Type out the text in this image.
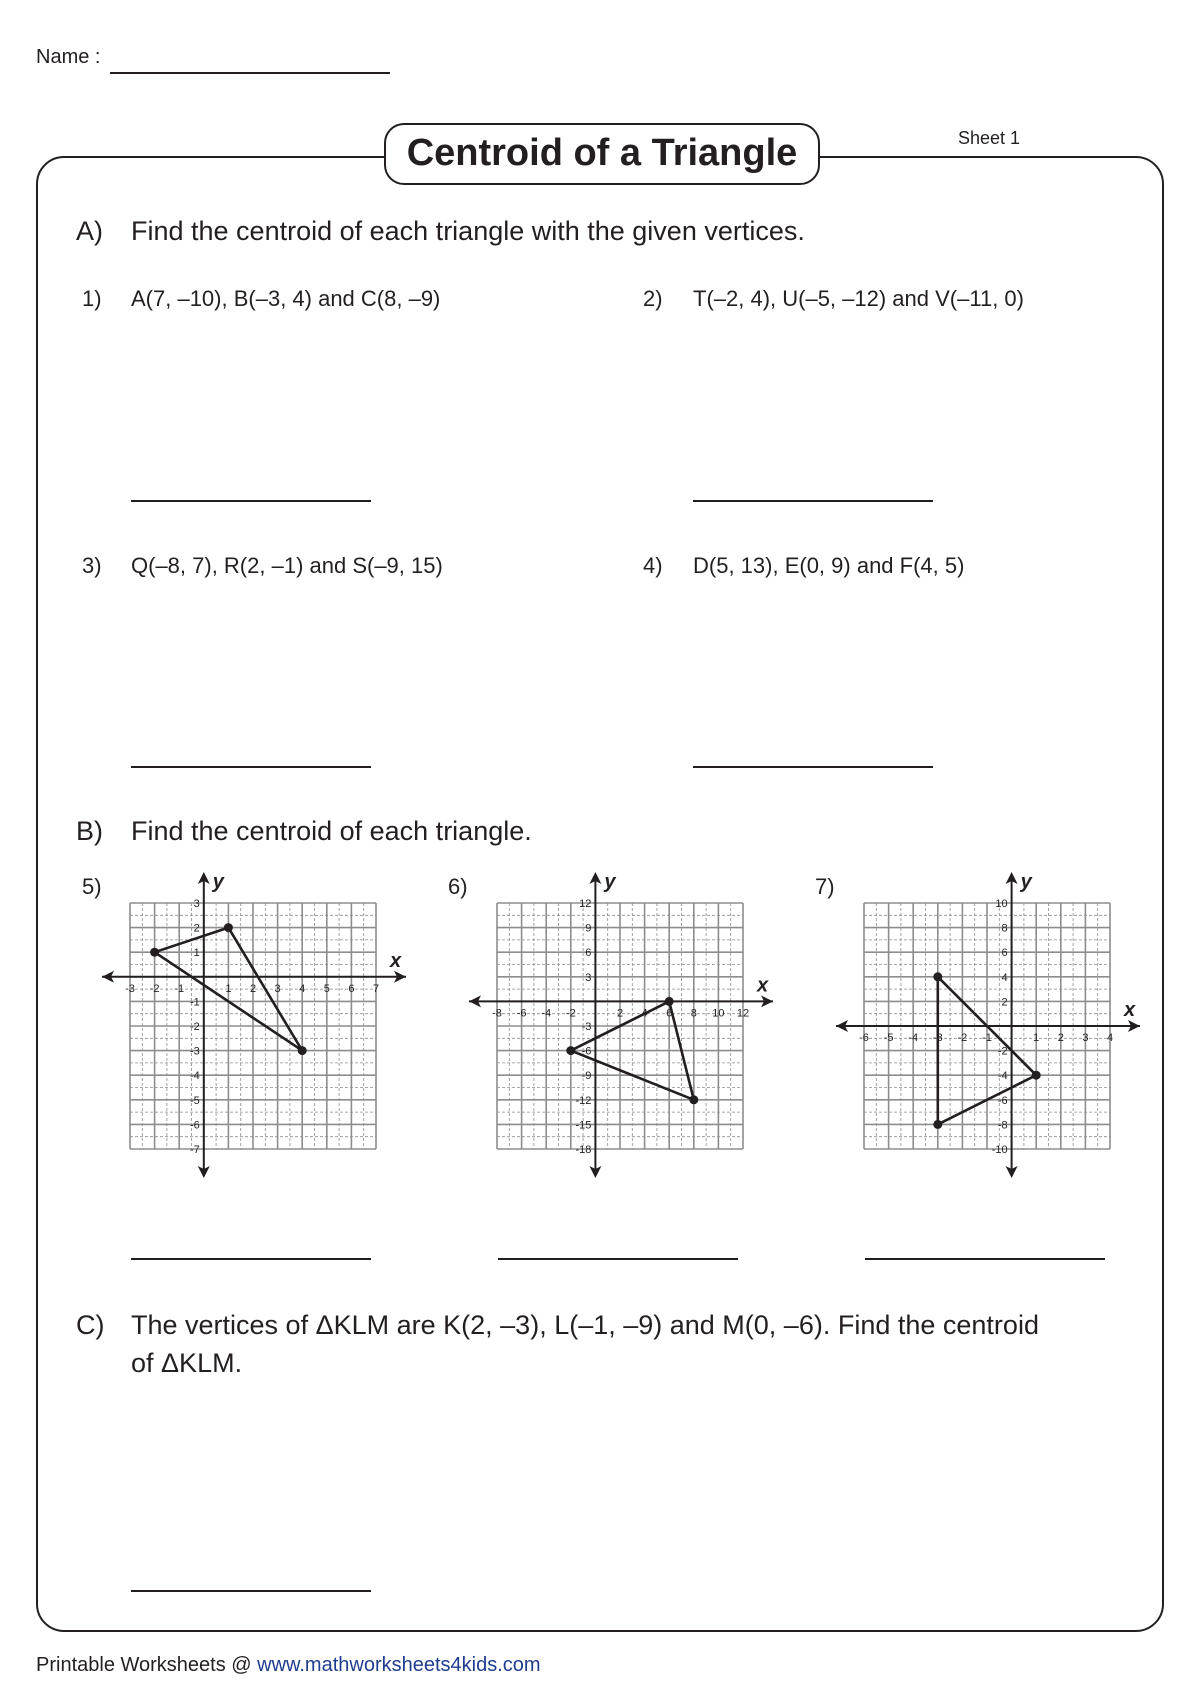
Name :
Centroid of a Triangle	Sheet 1
A) Find the centroid of each triangle with the given vertices.
1) A(7, –10), B(–3, 4) and C(8, –9)	2) T(–2, 4), U(–5, –12) and V(–11, 0)
3) Q(–8, 7), R(2, –1) and S(–9, 15)	4) D(5, 13), E(0, 9) and F(4, 5)
B) Find the centroid of each triangle.
5)	6)	7)
x
y
-3 -2 -1	1 2 3 4 5 6 7
3
2
1
-1
-2
-3
-4
-5
-6
-7
x
y
-8 -6 -4 -2	2 4 6 8 10 12
12
9
6
3
-3
-6
-9
-12
-15
-18
x
y
-6 -5 -4 -3 -2 -1	1 2 3 4
10
8
6
4
2
-2
-4
-6
-8
-10
C) The vertices of ΔKLM are K(2, –3), L(–1, –9) and M(0, –6). Find the centroid
of ΔKLM.
Printable Worksheets @ www.mathworksheets4kids.com
